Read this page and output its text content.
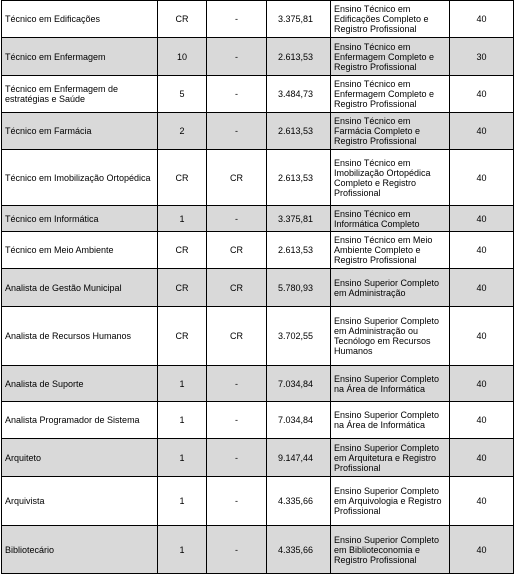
Técnico em Edificações	CR	-	3.375,81	Ensino Técnico em Edificações Completo e Registro Profissional	40
Técnico em Enfermagem	10	-	2.613,53	Ensino Técnico em Enfermagem Completo e Registro Profissional	30
Técnico em Enfermagem de estratégias e Saúde	5	-	3.484,73	Ensino Técnico em Enfermagem Completo e Registro Profissional	40
Técnico em Farmácia	2	-	2.613,53	Ensino Técnico em Farmácia Completo e Registro Profissional	40
Técnico em Imobilização Ortopédica	CR	CR	2.613,53	Ensino Técnico em Imobilização Ortopédica Completo e Registro Profissional	40
Técnico em Informática	1	-	3.375,81	Ensino Técnico em Informática Completo	40
Técnico em Meio Ambiente	CR	CR	2.613,53	Ensino Técnico em Meio Ambiente Completo e Registro Profissional	40
Analista de Gestão Municipal	CR	CR	5.780,93	Ensino Superior Completo em Administração	40
Analista de Recursos Humanos	CR	CR	3.702,55	Ensino Superior Completo em Administração ou Tecnólogo em Recursos Humanos	40
Analista de Suporte	1	-	7.034,84	Ensino Superior Completo na Área de Informática	40
Analista Programador de Sistema	1	-	7.034,84	Ensino Superior Completo na Área de Informática	40
Arquiteto	1	-	9.147,44	Ensino Superior Completo em Arquitetura e Registro Profissional	40
Arquivista	1	-	4.335,66	Ensino Superior Completo em Arquivologia e Registro Profissional	40
Bibliotecário	1	-	4.335,66	Ensino Superior Completo em Biblioteconomia e Registro Profissional	40
